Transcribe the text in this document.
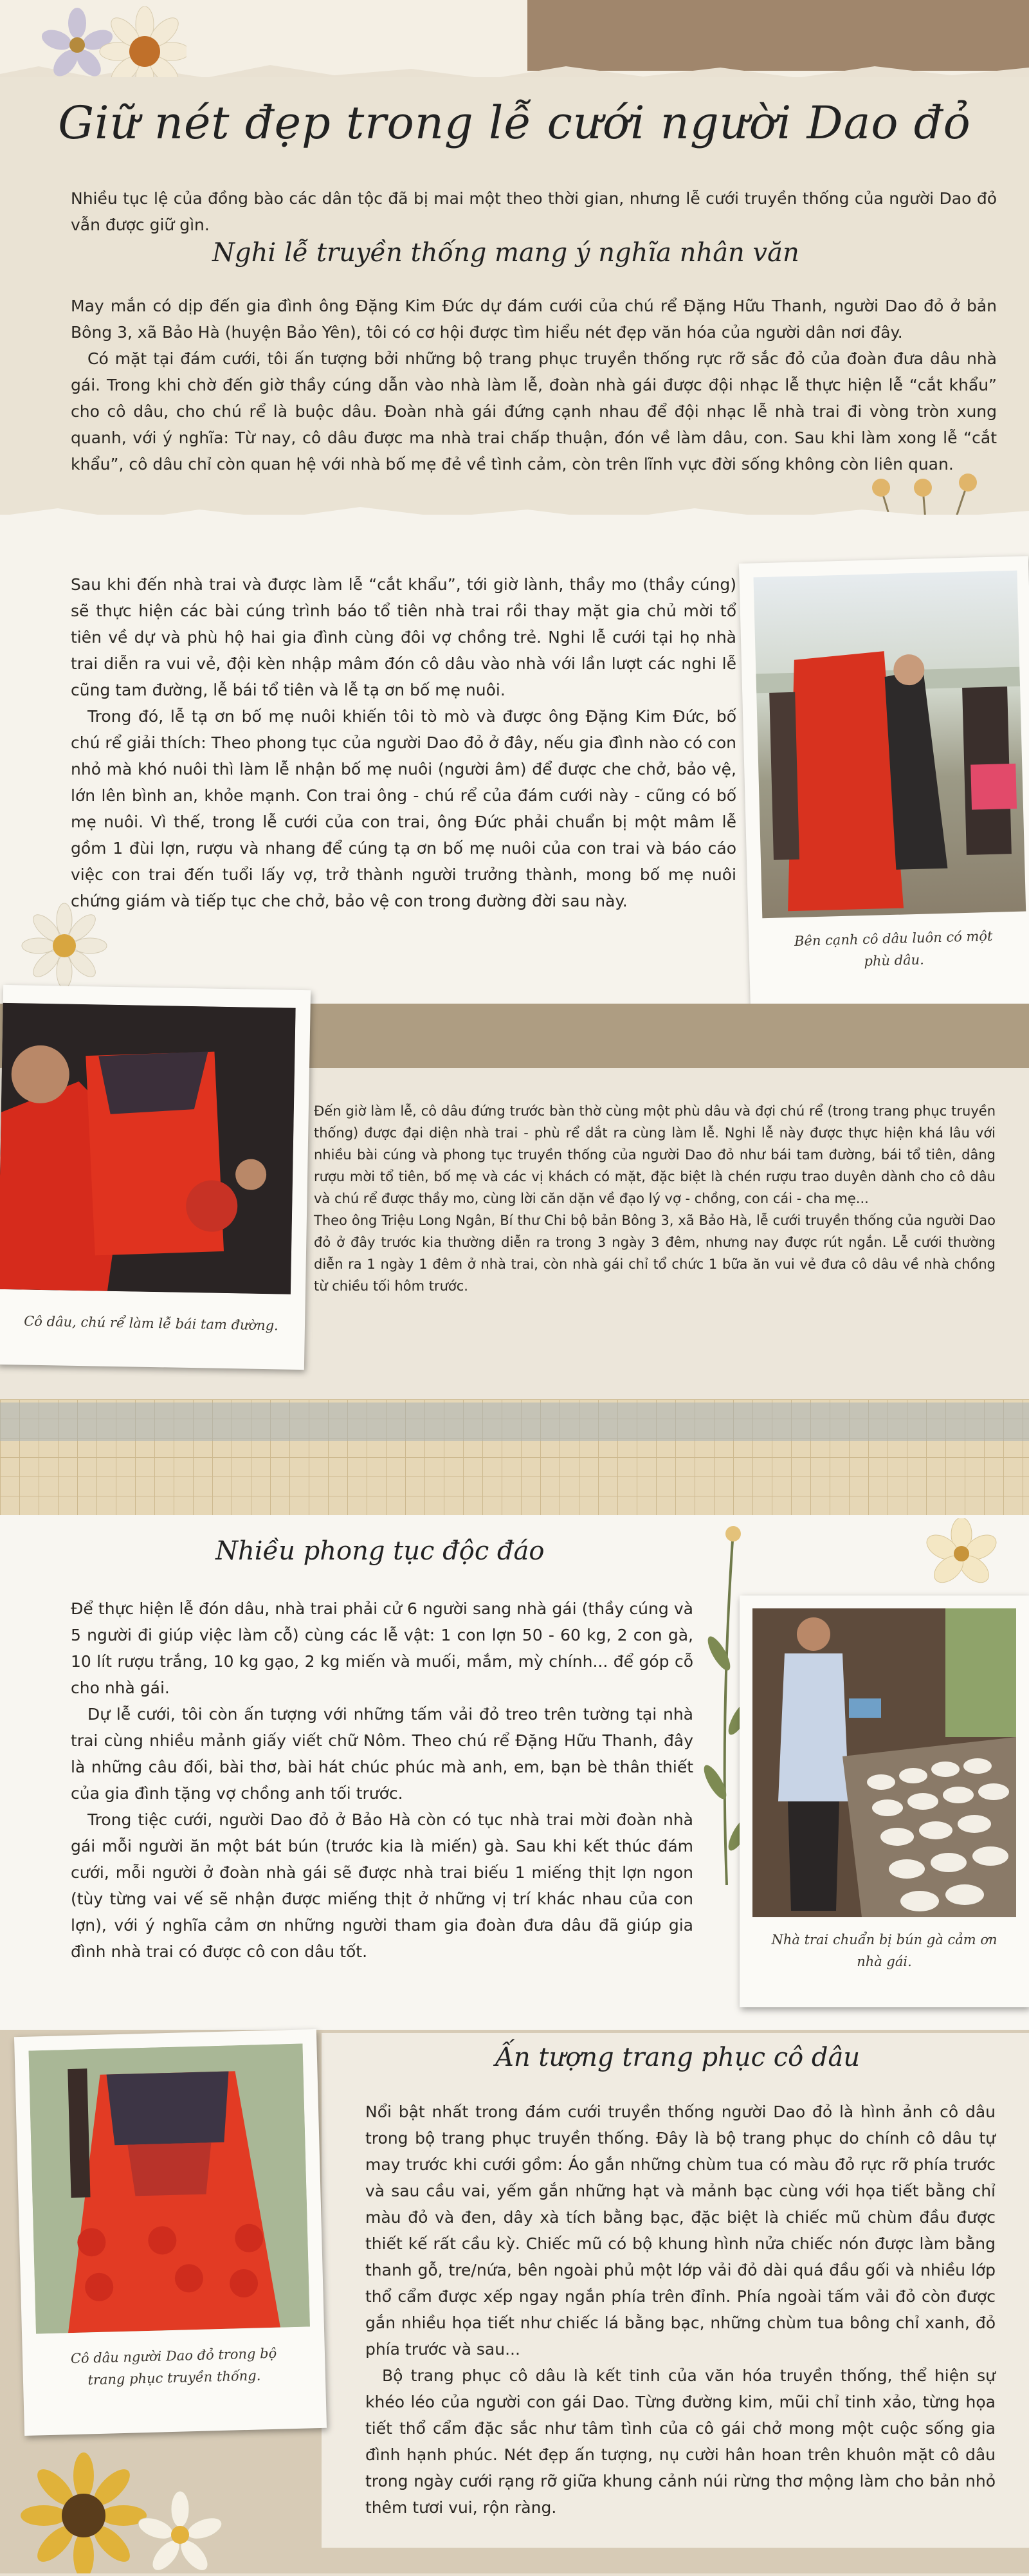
Giữ nét đẹp trong lễ cưới người Dao đỏ
Nhiều tục lệ của đồng bào các dân tộc đã bị mai một theo thời gian, nhưng lễ cưới truyền thống của người Dao đỏ vẫn được giữ gìn.
Nghi lễ truyền thống mang ý nghĩa nhân văn

May mắn có dịp đến gia đình ông Đặng Kim Đức dự đám cưới của chú rể Đặng Hữu Thanh, người Dao đỏ ở bản Bông 3, xã Bảo Hà (huyện Bảo Yên), tôi có cơ hội được tìm hiểu nét đẹp văn hóa của người dân nơi đây.

Có mặt tại đám cưới, tôi ấn tượng bởi những bộ trang phục truyền thống rực rỡ sắc đỏ của đoàn đưa dâu nhà gái. Trong khi chờ đến giờ thầy cúng dẫn vào nhà làm lễ, đoàn nhà gái được đội nhạc lễ thực hiện lễ “cắt khẩu” cho cô dâu, cho chú rể là buộc dâu. Đoàn nhà gái đứng cạnh nhau để đội nhạc lễ nhà trai đi vòng tròn xung quanh, với ý nghĩa: Từ nay, cô dâu được ma nhà trai chấp thuận, đón về làm dâu, con. Sau khi làm xong lễ “cắt khẩu”, cô dâu chỉ còn quan hệ với nhà bố mẹ đẻ về tình cảm, còn trên lĩnh vực đời sống không còn liên quan.

Sau khi đến nhà trai và được làm lễ “cắt khẩu”, tới giờ lành, thầy mo (thầy cúng) sẽ thực hiện các bài cúng trình báo tổ tiên nhà trai rồi thay mặt gia chủ mời tổ tiên về dự và phù hộ hai gia đình cùng đôi vợ chồng trẻ. Nghi lễ cưới tại họ nhà trai diễn ra vui vẻ, đội kèn nhập mâm đón cô dâu vào nhà với lần lượt các nghi lễ cũng tam đường, lễ bái tổ tiên và lễ tạ ơn bố mẹ nuôi.

Trong đó, lễ tạ ơn bố mẹ nuôi khiến tôi tò mò và được ông Đặng Kim Đức, bố chú rể giải thích: Theo phong tục của người Dao đỏ ở đây, nếu gia đình nào có con nhỏ mà khó nuôi thì làm lễ nhận bố mẹ nuôi (người âm) để được che chở, bảo vệ, lớn lên bình an, khỏe mạnh. Con trai ông - chú rể của đám cưới này - cũng có bố mẹ nuôi. Vì thế, trong lễ cưới của con trai, ông Đức phải chuẩn bị một mâm lễ gồm 1 đùi lợn, rượu và nhang để cúng tạ ơn bố mẹ nuôi của con trai và báo cáo việc con trai đến tuổi lấy vợ, trở thành người trưởng thành, mong bố mẹ nuôi chứng giám và tiếp tục che chở, bảo vệ con trong đường đời sau này.

Bên cạnh cô dâu luôn có một phù dâu.
Cô dâu, chú rể làm lễ bái tam đường.

Đến giờ làm lễ, cô dâu đứng trước bàn thờ cùng một phù dâu và đợi chú rể (trong trang phục truyền thống) được đại diện nhà trai - phù rể dắt ra cùng làm lễ. Nghi lễ này được thực hiện khá lâu với nhiều bài cúng và phong tục truyền thống của người Dao đỏ như bái tam đường, bái tổ tiên, dâng rượu mời tổ tiên, bố mẹ và các vị khách có mặt, đặc biệt là chén rượu trao duyên dành cho cô dâu và chú rể được thầy mo, cùng lời căn dặn về đạo lý vợ - chồng, con cái - cha mẹ...

Theo ông Triệu Long Ngân, Bí thư Chi bộ bản Bông 3, xã Bảo Hà, lễ cưới truyền thống của người Dao đỏ ở đây trước kia thường diễn ra trong 3 ngày 3 đêm, nhưng nay được rút ngắn. Lễ cưới thường diễn ra 1 ngày 1 đêm ở nhà trai, còn nhà gái chỉ tổ chức 1 bữa ăn vui vẻ đưa cô dâu về nhà chồng từ chiều tối hôm trước.

Nhiều phong tục độc đáo

Để thực hiện lễ đón dâu, nhà trai phải cử 6 người sang nhà gái (thầy cúng và 5 người đi giúp việc làm cỗ) cùng các lễ vật: 1 con lợn 50 - 60 kg, 2 con gà, 10 lít rượu trắng, 10 kg gạo, 2 kg miến và muối, mắm, mỳ chính... để góp cỗ cho nhà gái.

Dự lễ cưới, tôi còn ấn tượng với những tấm vải đỏ treo trên tường tại nhà trai cùng nhiều mảnh giấy viết chữ Nôm. Theo chú rể Đặng Hữu Thanh, đây là những câu đối, bài thơ, bài hát chúc phúc mà anh, em, bạn bè thân thiết của gia đình tặng vợ chồng anh tối trước.

Trong tiệc cưới, người Dao đỏ ở Bảo Hà còn có tục nhà trai mời đoàn nhà gái mỗi người ăn một bát bún (trước kia là miến) gà. Sau khi kết thúc đám cưới, mỗi người ở đoàn nhà gái sẽ được nhà trai biếu 1 miếng thịt lợn ngon (tùy từng vai vế sẽ nhận được miếng thịt ở những vị trí khác nhau của con lợn), với ý nghĩa cảm ơn những người tham gia đoàn đưa dâu đã giúp gia đình nhà trai có được cô con dâu tốt.

Nhà trai chuẩn bị bún gà cảm ơn nhà gái.
Cô dâu người Dao đỏ trong bộ trang phục truyền thống.
Ấn tượng trang phục cô dâu

Nổi bật nhất trong đám cưới truyền thống người Dao đỏ là hình ảnh cô dâu trong bộ trang phục truyền thống. Đây là bộ trang phục do chính cô dâu tự may trước khi cưới gồm: Áo gắn những chùm tua có màu đỏ rực rỡ phía trước và sau cầu vai, yếm gắn những hạt và mảnh bạc cùng với họa tiết bằng chỉ màu đỏ và đen, dây xà tích bằng bạc, đặc biệt là chiếc mũ chùm đầu được thiết kế rất cầu kỳ. Chiếc mũ có bộ khung hình nửa chiếc nón được làm bằng thanh gỗ, tre/nứa, bên ngoài phủ một lớp vải đỏ dài quá đầu gối và nhiều lớp thổ cẩm được xếp ngay ngắn phía trên đỉnh. Phía ngoài tấm vải đỏ còn được gắn nhiều họa tiết như chiếc lá bằng bạc, những chùm tua bông chỉ xanh, đỏ phía trước và sau...

Bộ trang phục cô dâu là kết tinh của văn hóa truyền thống, thể hiện sự khéo léo của người con gái Dao. Từng đường kim, mũi chỉ tinh xảo, từng họa tiết thổ cẩm đặc sắc như tâm tình của cô gái chở mong một cuộc sống gia đình hạnh phúc. Nét đẹp ấn tượng, nụ cười hân hoan trên khuôn mặt cô dâu trong ngày cưới rạng rỡ giữa khung cảnh núi rừng thơ mộng làm cho bản nhỏ thêm tươi vui, rộn ràng.
